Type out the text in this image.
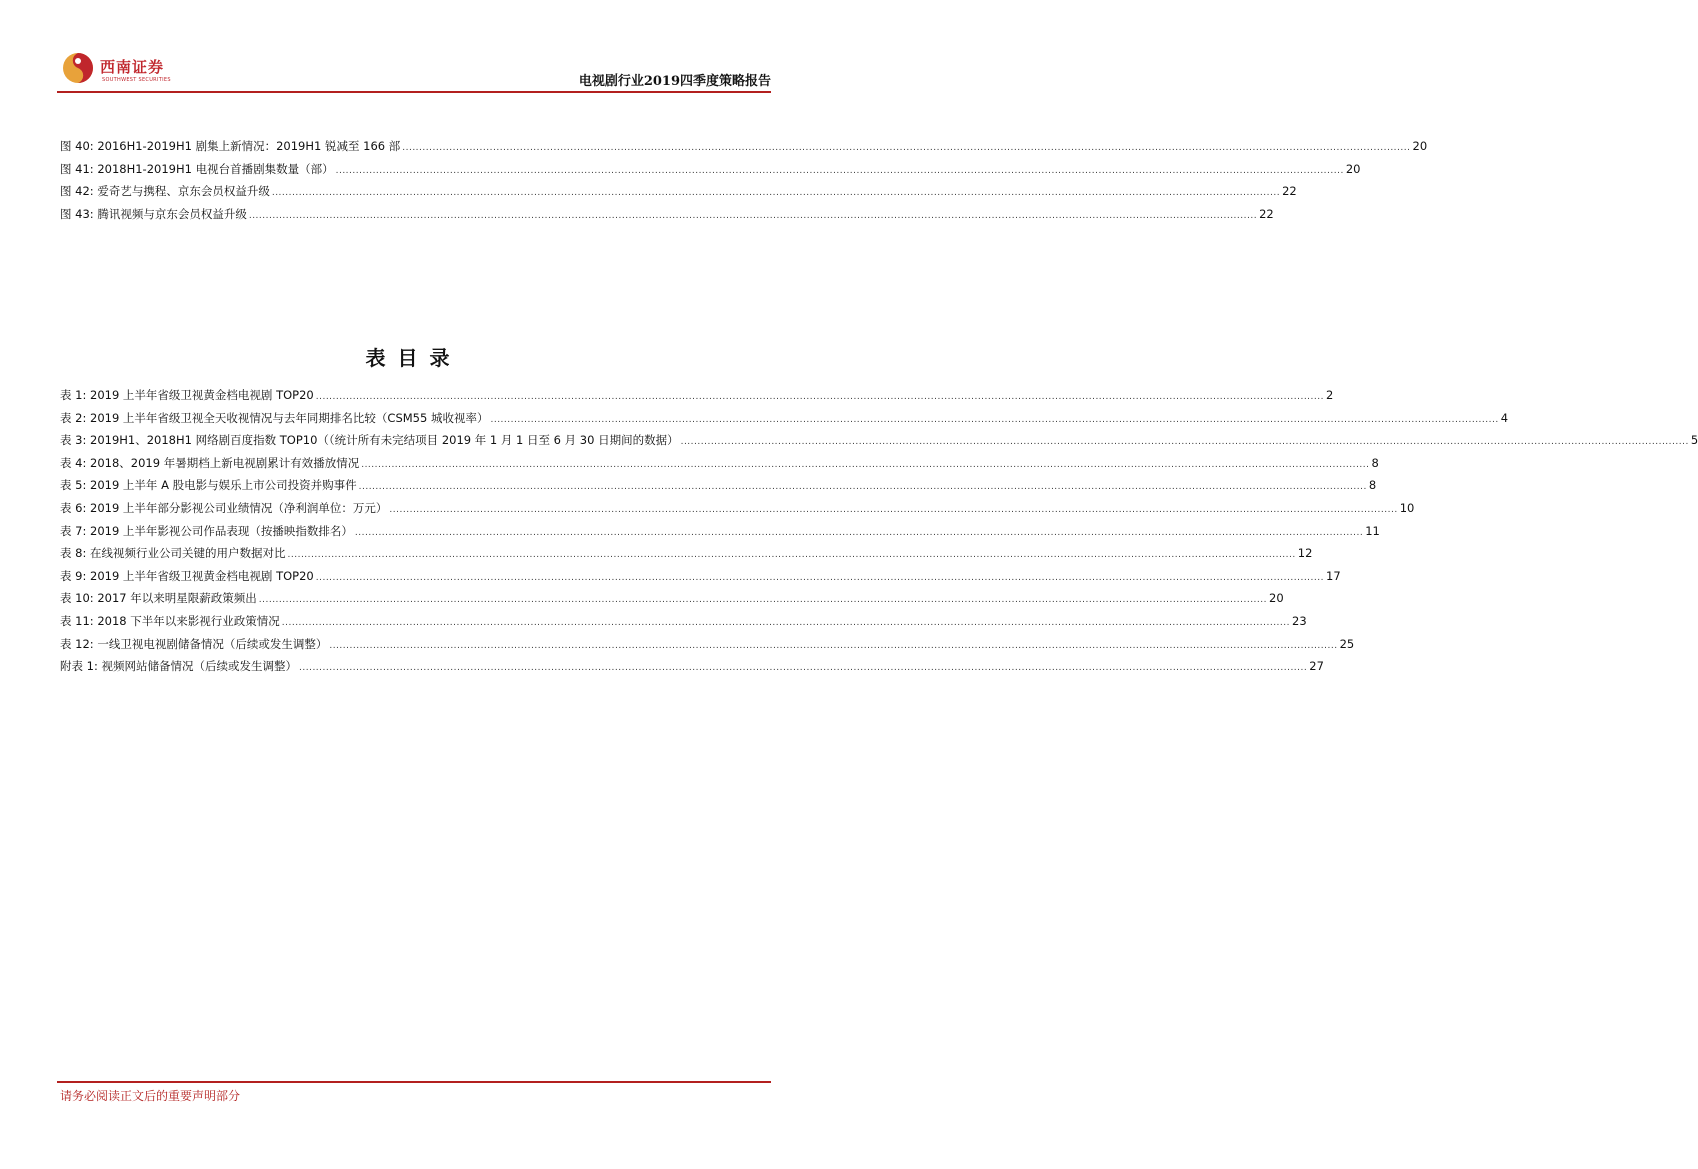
西南证券
SOUTHWEST SECURITIES	电视剧行业2019四季度策略报告
图 40: 2016H1-2019H1 剧集上新情况：2019H1 锐减至 166 部 ............................................................................................................................................................................................................................................................................................................ 20
图 41: 2018H1-2019H1 电视台首播剧集数量（部） ............................................................................................................................................................................................................................................................................................................ 20
图 42: 爱奇艺与携程、京东会员权益升级 ............................................................................................................................................................................................................................................................................................................ 22
图 43: 腾讯视频与京东会员权益升级 ............................................................................................................................................................................................................................................................................................................ 22
表目录
表 1: 2019 上半年省级卫视黄金档电视剧 TOP20 ............................................................................................................................................................................................................................................................................................................ 2
表 2: 2019 上半年省级卫视全天收视情况与去年同期排名比较（CSM55 城收视率） ............................................................................................................................................................................................................................................................................................................ 4
表 3: 2019H1、2018H1 网络剧百度指数 TOP10（（统计所有未完结项目 2019 年 1 月 1 日至 6 月 30 日期间的数据） ............................................................................................................................................................................................................................................................................................................ 5
表 4: 2018、2019 年暑期档上新电视剧累计有效播放情况 ............................................................................................................................................................................................................................................................................................................ 8
表 5: 2019 上半年 A 股电影与娱乐上市公司投资并购事件 ............................................................................................................................................................................................................................................................................................................ 8
表 6: 2019 上半年部分影视公司业绩情况（净利润单位：万元） ............................................................................................................................................................................................................................................................................................................ 10
表 7: 2019 上半年影视公司作品表现（按播映指数排名） ............................................................................................................................................................................................................................................................................................................ 11
表 8: 在线视频行业公司关键的用户数据对比 ............................................................................................................................................................................................................................................................................................................ 12
表 9: 2019 上半年省级卫视黄金档电视剧 TOP20 ............................................................................................................................................................................................................................................................................................................ 17
表 10: 2017 年以来明星限薪政策频出 ............................................................................................................................................................................................................................................................................................................ 20
表 11: 2018 下半年以来影视行业政策情况 ............................................................................................................................................................................................................................................................................................................ 23
表 12: 一线卫视电视剧储备情况（后续或发生调整） ............................................................................................................................................................................................................................................................................................................ 25
附表 1: 视频网站储备情况（后续或发生调整） ............................................................................................................................................................................................................................................................................................................ 27
请务必阅读正文后的重要声明部分
